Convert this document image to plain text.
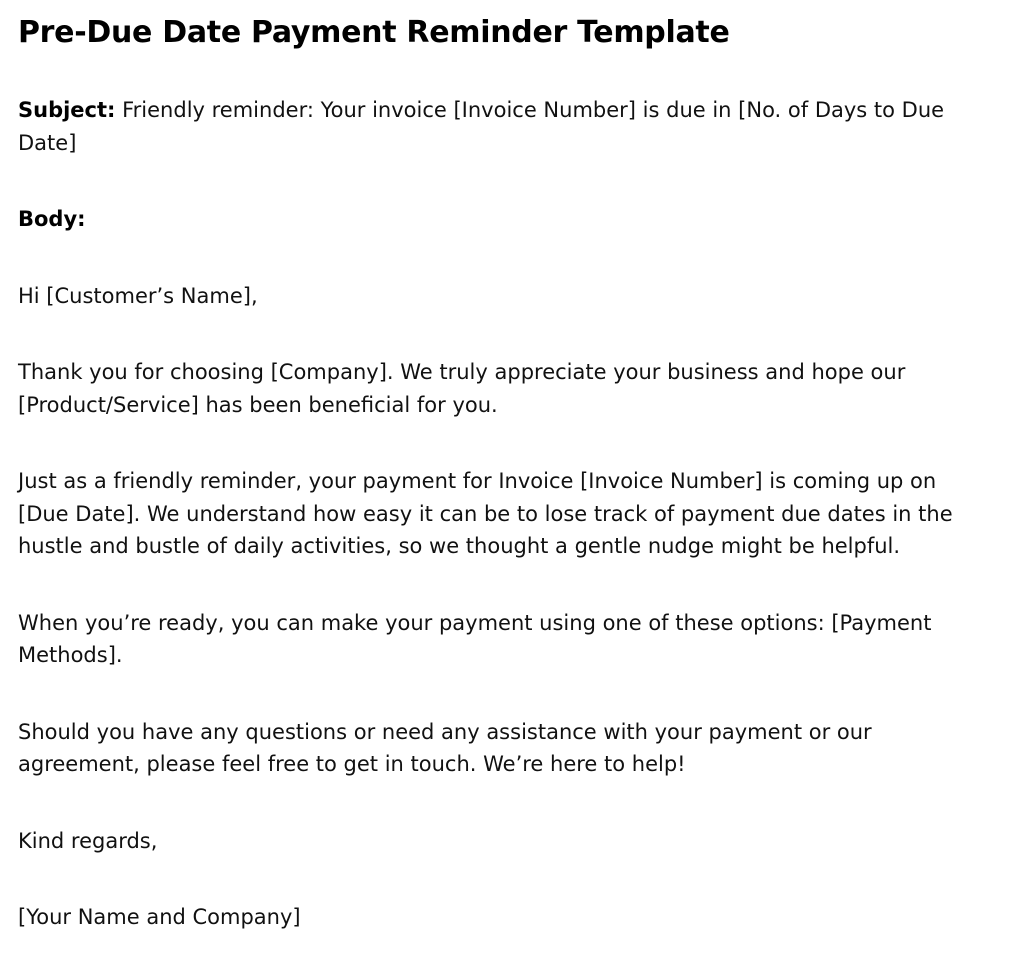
Pre-Due Date Payment Reminder Template

Subject: Friendly reminder: Your invoice [Invoice Number] is due in [No. of Days to Due Date]

Body:

Hi [Customer’s Name],

Thank you for choosing [Company]. We truly appreciate your business and hope our [Product/Service] has been beneficial for you.

Just as a friendly reminder, your payment for Invoice [Invoice Number] is coming up on [Due Date]. We understand how easy it can be to lose track of payment due dates in the hustle and bustle of daily activities, so we thought a gentle nudge might be helpful.

When you’re ready, you can make your payment using one of these options: [Payment Methods].

Should you have any questions or need any assistance with your payment or our agreement, please feel free to get in touch. We’re here to help!

Kind regards,

[Your Name and Company]
